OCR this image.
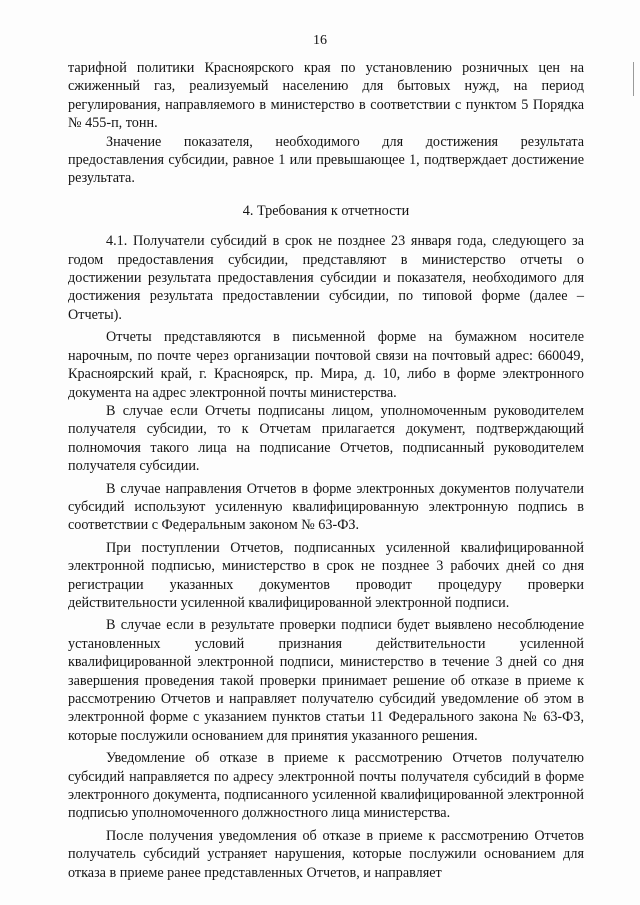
16

тарифной политики Красноярского края по установлению розничных цен на сжиженный газ, реализуемый населению для бытовых нужд, на период регулирования, направляемого в министерство в соответствии с пунктом 5 Порядка № 455-п, тонн.

Значение показателя, необходимого для достижения результата предоставления субсидии, равное 1 или превышающее 1, подтверждает достижение результата.

4. Требования к отчетности

4.1. Получатели субсидий в срок не позднее 23 января года, следующего за годом предоставления субсидии, представляют в министерство отчеты о достижении результата предоставления субсидии и показателя, необходимого для достижения результата предоставлении субсидии, по типовой форме (далее – Отчеты).

Отчеты представляются в письменной форме на бумажном носителе нарочным, по почте через организации почтовой связи на почтовый адрес: 660049, Красноярский край, г. Красноярск, пр. Мира, д. 10, либо в форме электронного документа на адрес электронной почты министерства.

В случае если Отчеты подписаны лицом, уполномоченным руководителем получателя субсидии, то к Отчетам прилагается документ, подтверждающий полномочия такого лица на подписание Отчетов, подписанный руководителем получателя субсидии.

В случае направления Отчетов в форме электронных документов получатели субсидий используют усиленную квалифицированную электронную подпись в соответствии с Федеральным законом № 63-ФЗ.

При поступлении Отчетов, подписанных усиленной квалифицированной электронной подписью, министерство в срок не позднее 3 рабочих дней со дня регистрации указанных документов проводит процедуру проверки действительности усиленной квалифицированной электронной подписи.

В случае если в результате проверки подписи будет выявлено несоблюдение установленных условий признания действительности усиленной квалифицированной электронной подписи, министерство в течение 3 дней со дня завершения проведения такой проверки принимает решение об отказе в приеме к рассмотрению Отчетов и направляет получателю субсидий уведомление об этом в электронной форме с указанием пунктов статьи 11 Федерального закона № 63-ФЗ, которые послужили основанием для принятия указанного решения.

Уведомление об отказе в приеме к рассмотрению Отчетов получателю субсидий направляется по адресу электронной почты получателя субсидий в форме электронного документа, подписанного усиленной квалифицированной электронной подписью уполномоченного должностного лица министерства.

После получения уведомления об отказе в приеме к рассмотрению Отчетов получатель субсидий устраняет нарушения, которые послужили основанием для отказа в приеме ранее представленных Отчетов, и направляет
